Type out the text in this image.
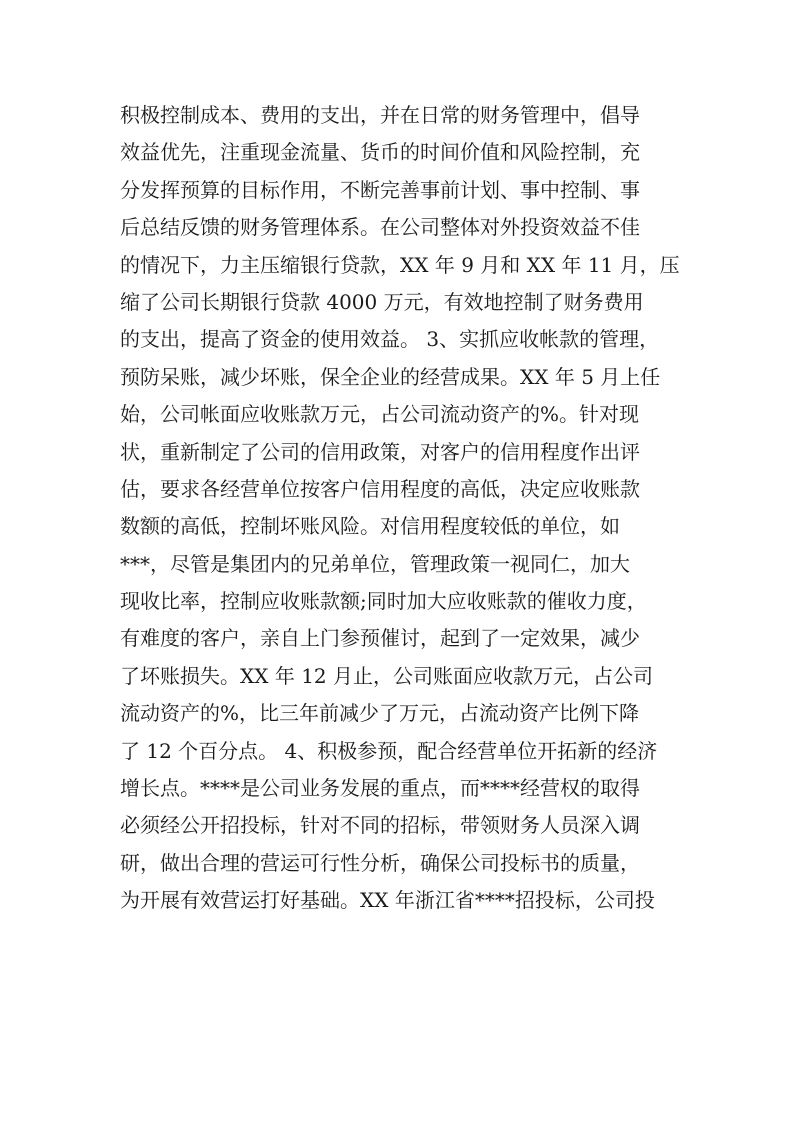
积极控制成本、费用的支出，并在日常的财务管理中，倡导
效益优先，注重现金流量、货币的时间价值和风险控制，充
分发挥预算的目标作用，不断完善事前计划、事中控制、事
后总结反馈的财务管理体系。在公司整体对外投资效益不佳
的情况下，力主压缩银行贷款，XX 年 9 月和 XX 年 11 月，压
缩了公司长期银行贷款 4000 万元，有效地控制了财务费用
的支出，提高了资金的使用效益。 3、实抓应收帐款的管理，
预防呆账，减少坏账，保全企业的经营成果。XX 年 5 月上任
始，公司帐面应收账款万元，占公司流动资产的%。针对现
状，重新制定了公司的信用政策，对客户的信用程度作出评
估，要求各经营单位按客户信用程度的高低，决定应收账款
数额的高低，控制坏账风险。对信用程度较低的单位，如
***，尽管是集团内的兄弟单位，管理政策一视同仁，加大
现收比率，控制应收账款额;同时加大应收账款的催收力度，
有难度的客户，亲自上门参预催讨，起到了一定效果，减少
了坏账损失。XX 年 12 月止，公司账面应收款万元，占公司
流动资产的%，比三年前减少了万元，占流动资产比例下降
了 12 个百分点。 4、积极参预，配合经营单位开拓新的经济
增长点。****是公司业务发展的重点，而****经营权的取得
必须经公开招投标，针对不同的招标，带领财务人员深入调
研，做出合理的营运可行性分析，确保公司投标书的质量，
为开展有效营运打好基础。XX 年浙江省****招投标，公司投
